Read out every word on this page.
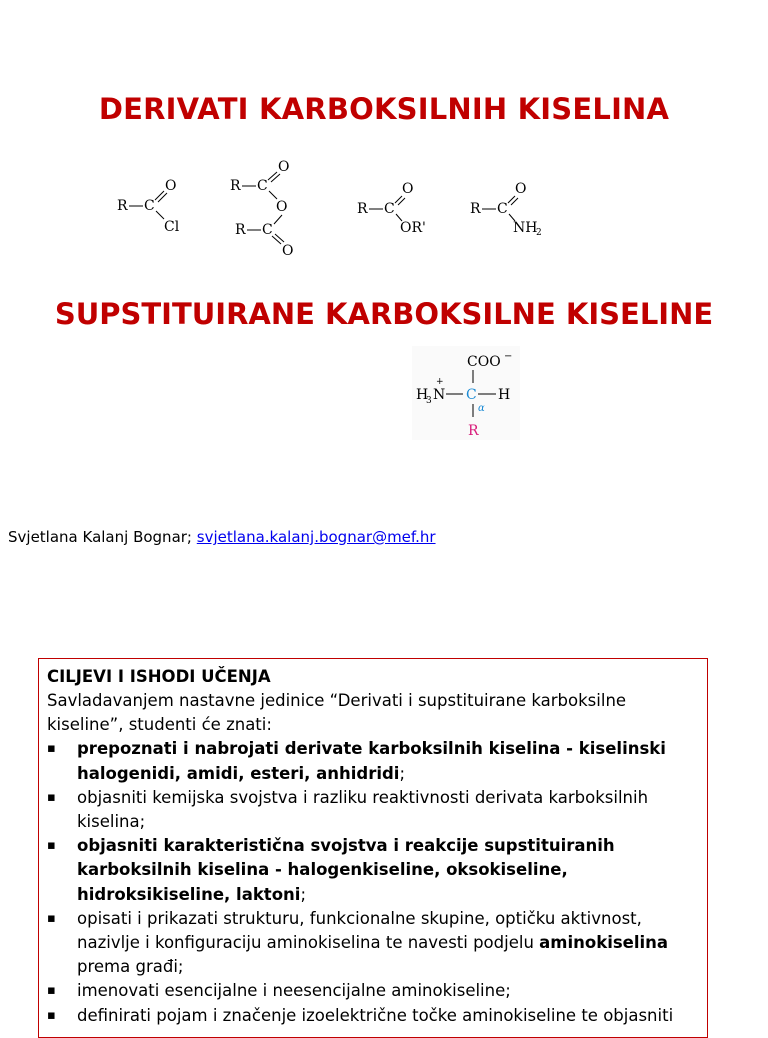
DERIVATI KARBOKSILNIH KISELINA
R C
O
Cl
R C
O
O
R C
O
R C
O
OR'
R C
O
NH
2
SUPSTITUIRANE KARBOKSILNE KISELINE
COO −
H
3 N
+
C
α
H
R
Svjetlana Kalanj Bognar; svjetlana.kalanj.bognar@mef.hr
CILJEVI I ISHODI UČENJA

Savladavanjem nastavne jedinice “Derivati i supstituirane karboksilne kiseline”, studenti će znati:

▪ prepoznati i nabrojati derivate karboksilnih kiselina - kiselinski halogenidi, amidi, esteri, anhidridi;
▪ objasniti kemijska svojstva i razliku reaktivnosti derivata karboksilnih kiselina;
▪ objasniti karakteristična svojstva i reakcije supstituiranih karboksilnih kiselina - halogenkiseline, oksokiseline, hidroksikiseline, laktoni;
▪ opisati i prikazati strukturu, funkcionalne skupine, optičku aktivnost, nazivlje i konfiguraciju aminokiselina te navesti podjelu aminokiselina prema građi;
▪ imenovati esencijalne i neesencijalne aminokiseline;
▪ definirati pojam i značenje izoelektrične točke aminokiseline te objasniti
